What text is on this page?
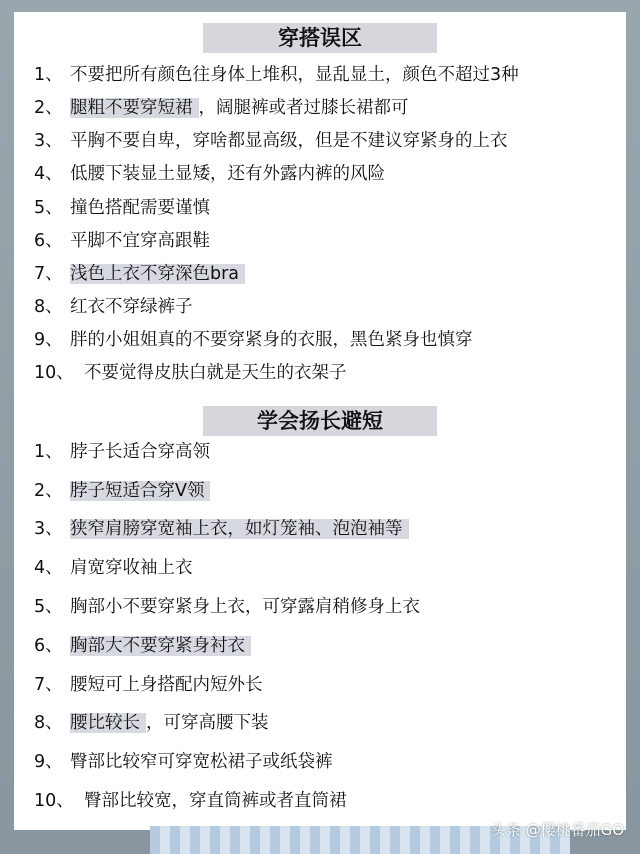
穿搭误区
1、 不要把所有颜色往身体上堆积，显乱显土，颜色不超过3种
2、 腿粗不要穿短裙 ，阔腿裤或者过膝长裙都可
3、 平胸不要自卑，穿啥都显高级，但是不建议穿紧身的上衣
4、 低腰下装显土显矮，还有外露内裤的风险
5、 撞色搭配需要谨慎
6、 平脚不宜穿高跟鞋
7、 浅色上衣不穿深色bra
8、 红衣不穿绿裤子
9、 胖的小姐姐真的不要穿紧身的衣服，黑色紧身也慎穿
10、 不要觉得皮肤白就是天生的衣架子
学会扬长避短
1、 脖子长适合穿高领
2、 脖子短适合穿V领
3、 狭窄肩膀穿宽袖上衣，如灯笼袖、泡泡袖等
4、 肩宽穿收袖上衣
5、 胸部小不要穿紧身上衣，可穿露肩稍修身上衣
6、 胸部大不要穿紧身衬衣
7、 腰短可上身搭配内短外长
8、 腰比较长 ，可穿高腰下装
9、 臀部比较窄可穿宽松裙子或纸袋裤
10、 臀部比较宽，穿直筒裤或者直筒裙
头条 @樱桃番茄GO
